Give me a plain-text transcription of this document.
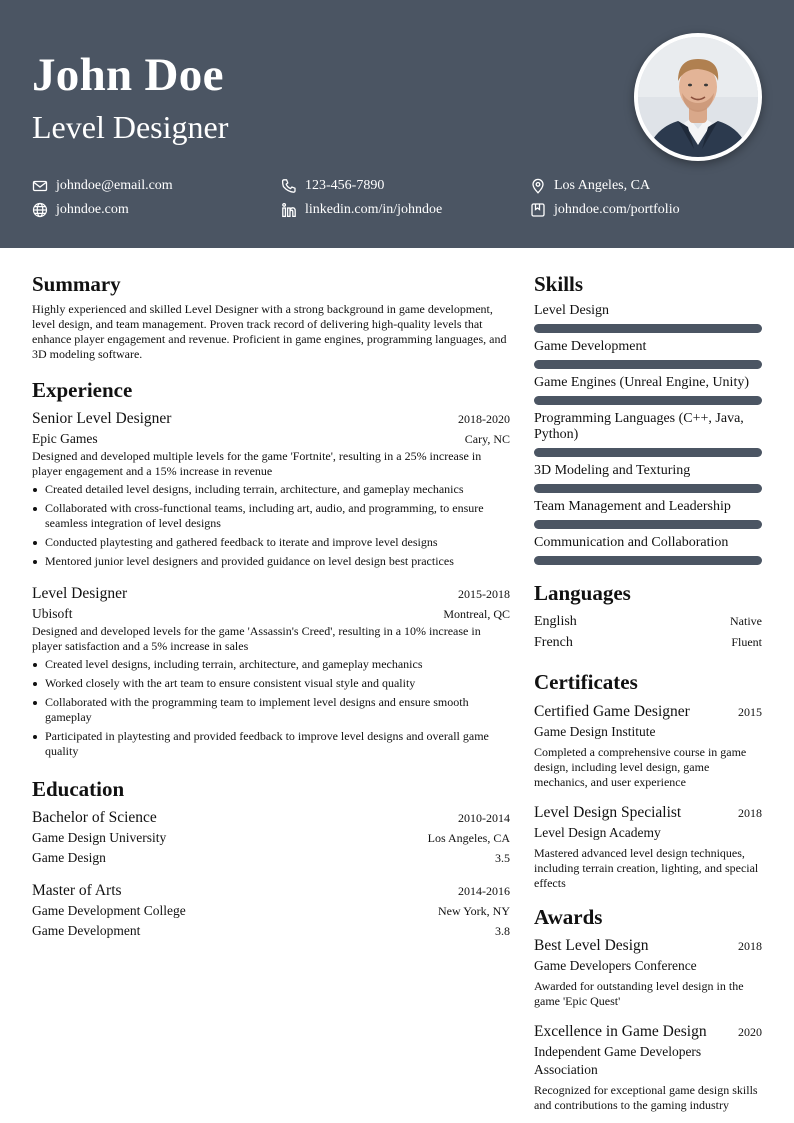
John Doe
Level Designer
johndoe@email.com	123-456-7890	Los Angeles, CA
johndoe.com	linkedin.com/in/johndoe	johndoe.com/portfolio
Summary
Highly experienced and skilled Level Designer with a strong background in game development, level design, and team management. Proven track record of delivering high-quality levels that enhance player engagement and revenue. Proficient in game engines, programming languages, and 3D modeling software.
Experience
Senior Level Designer	2018-2020
Epic Games	Cary, NC
Designed and developed multiple levels for the game 'Fortnite', resulting in a 25% increase in player engagement and a 15% increase in revenue
Created detailed level designs, including terrain, architecture, and gameplay mechanics
Collaborated with cross-functional teams, including art, audio, and programming, to ensure seamless integration of level designs
Conducted playtesting and gathered feedback to iterate and improve level designs
Mentored junior level designers and provided guidance on level design best practices
Level Designer	2015-2018
Ubisoft	Montreal, QC
Designed and developed levels for the game 'Assassin's Creed', resulting in a 10% increase in player satisfaction and a 5% increase in sales
Created level designs, including terrain, architecture, and gameplay mechanics
Worked closely with the art team to ensure consistent visual style and quality
Collaborated with the programming team to implement level designs and ensure smooth gameplay
Participated in playtesting and provided feedback to improve level designs and overall game quality
Education
Bachelor of Science	2010-2014
Game Design University	Los Angeles, CA
Game Design	3.5
Master of Arts	2014-2016
Game Development College	New York, NY
Game Development	3.8
Skills
Level Design
Game Development
Game Engines (Unreal Engine, Unity)
Programming Languages (C++, Java, Python)
3D Modeling and Texturing
Team Management and Leadership
Communication and Collaboration
Languages
English	Native
French	Fluent
Certificates
Certified Game Designer	2015
Game Design Institute
Completed a comprehensive course in game design, including level design, game mechanics, and user experience
Level Design Specialist	2018
Level Design Academy
Mastered advanced level design techniques, including terrain creation, lighting, and special effects
Awards
Best Level Design	2018
Game Developers Conference
Awarded for outstanding level design in the game 'Epic Quest'
Excellence in Game Design	2020
Independent Game Developers Association
Recognized for exceptional game design skills and contributions to the gaming industry
